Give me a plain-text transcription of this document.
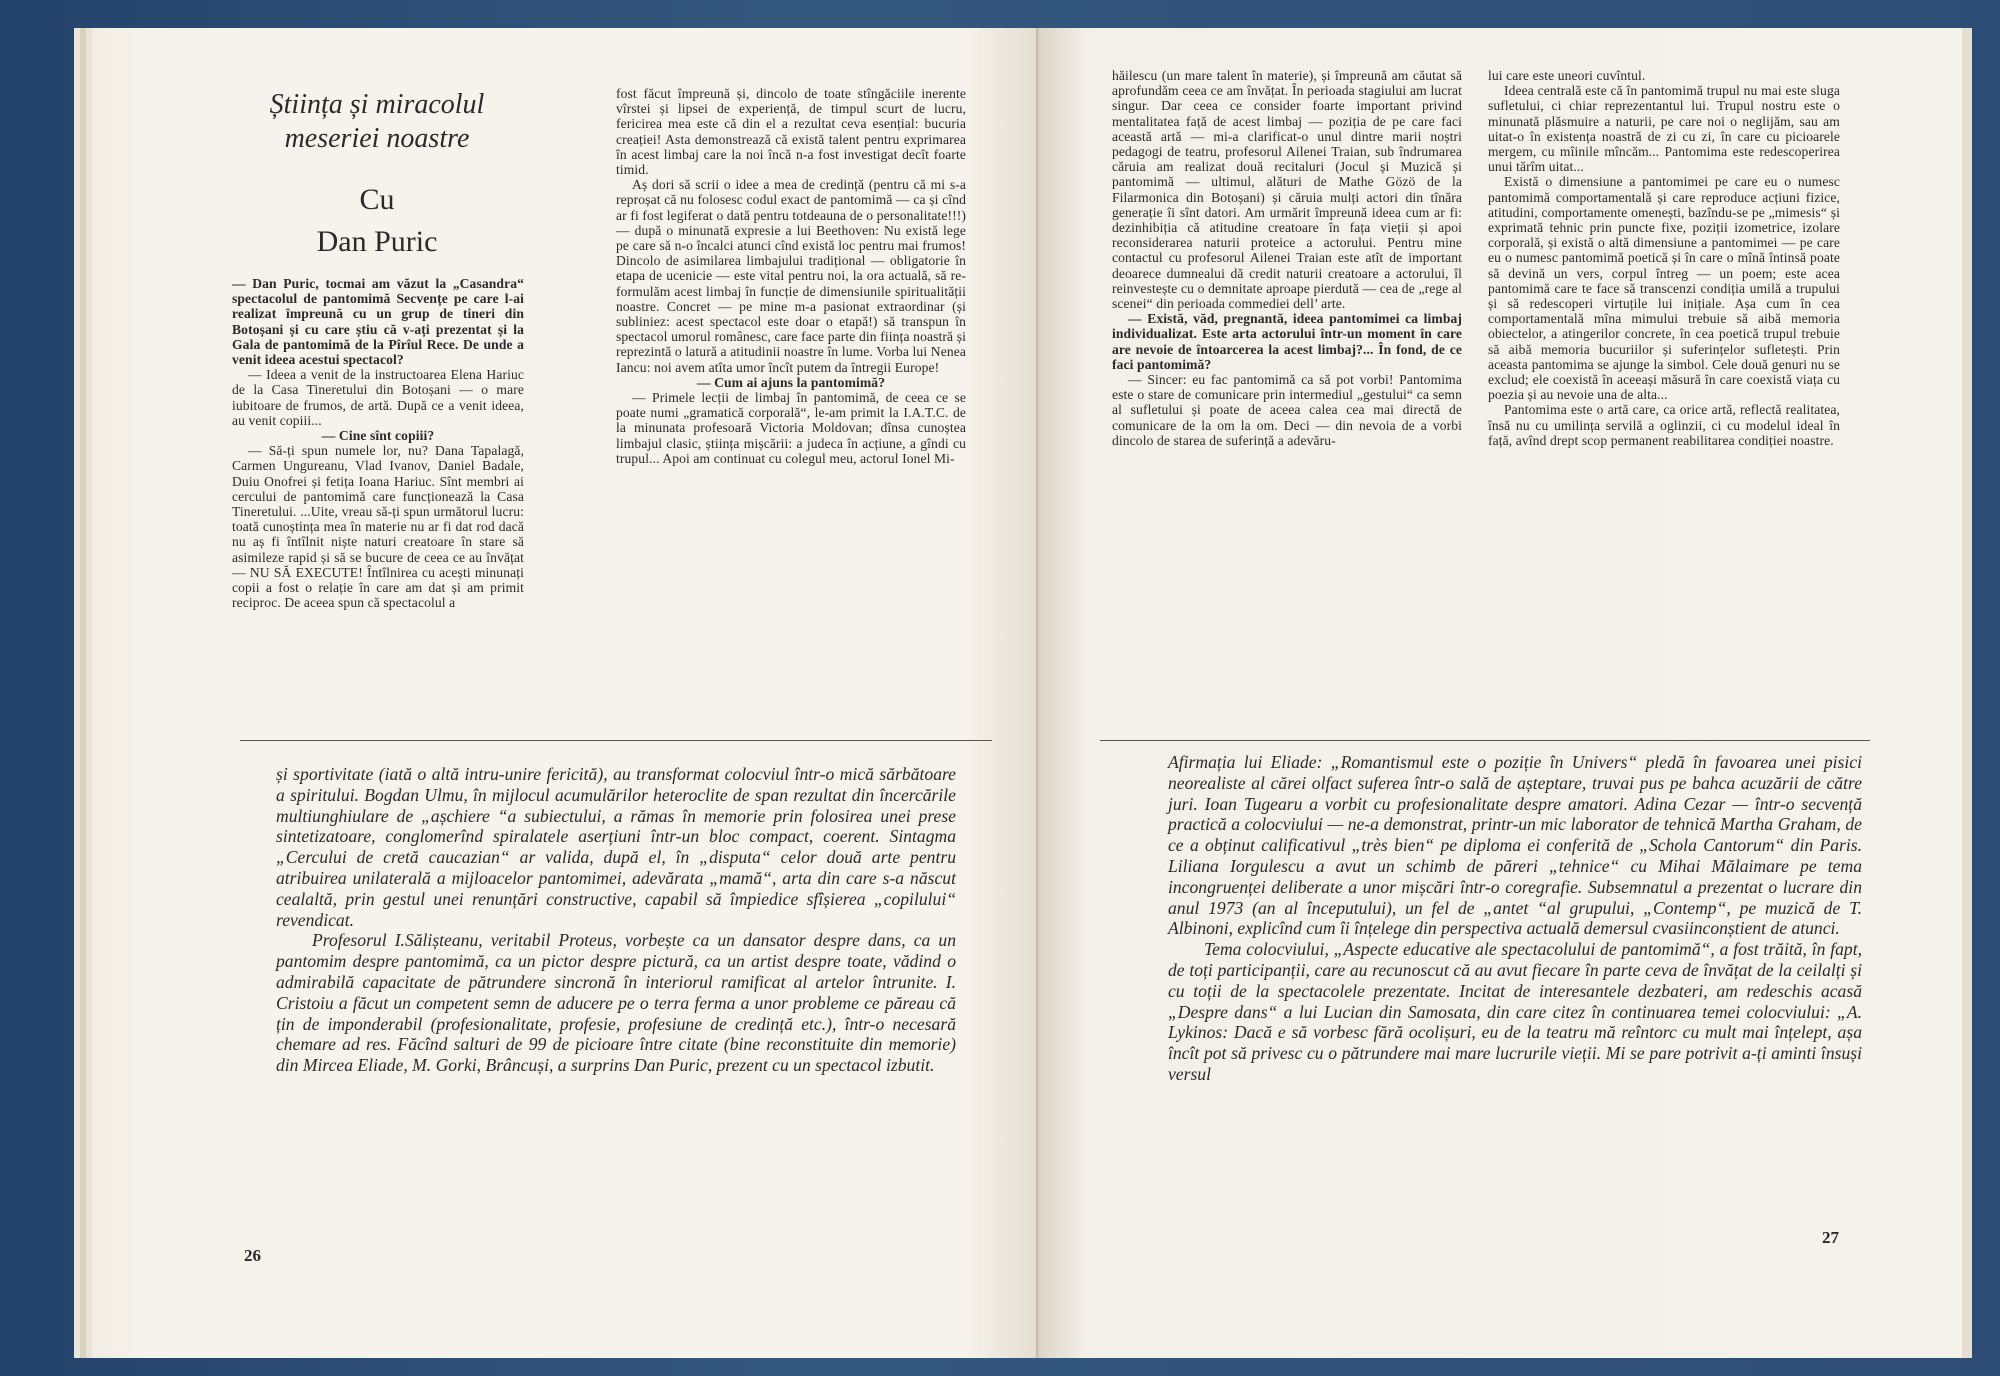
Știința și miracolul meseriei noastre
Cu
Dan Puric

— Dan Puric, tocmai am văzut la „Casandra“ spectacolul de pantomimă Secvențe pe care l-ai realizat împreună cu un grup de tineri din Botoșani și cu care știu că v-ați prezentat și la Gala de pantomimă de la Pîrîul Rece. De unde a venit ideea acestui spectacol?

— Ideea a venit de la instructoarea Elena Hariuc de la Casa Tineretului din Botoșani — o mare iubitoare de frumos, de artă. După ce a venit ideea, au venit copiii...

— Cine sînt copiii?

— Să-ți spun numele lor, nu? Dana Tapalagă, Carmen Ungureanu, Vlad Ivanov, Daniel Badale, Duiu Onofrei și fetița Ioana Hariuc. Sînt membri ai cercului de pantomimă care funcționează la Casa Tineretului. ...Uite, vreau să-ți spun următorul lucru: toată cunoștința mea în materie nu ar fi dat rod dacă nu aș fi întîlnit niște naturi creatoare în stare să asimileze rapid și să se bucure de ceea ce au învățat — NU SĂ EXECUTE! Întîlnirea cu acești minunați copii a fost o relație în care am dat și am primit reciproc. De aceea spun că spectacolul a

fost făcut împreună și, dincolo de toate stîngăciile inerente vîrstei și lipsei de experiență, de timpul scurt de lucru, fericirea mea este că din el a rezultat ceva esențial: bucuria creației! Asta demonstrează că există talent pentru exprimarea în acest limbaj care la noi încă n-a fost investigat decît foarte timid.

Aș dori să scrii o idee a mea de credință (pentru că mi s-a reproșat că nu folosesc codul exact de pantomimă — ca și cînd ar fi fost legiferat o dată pentru totdeauna de o personalitate!!!) — după o minunată expresie a lui Beethoven: Nu există lege pe care să n-o încalci atunci cînd există loc pentru mai frumos! Dincolo de asimilarea limbajului tradițional — obligatorie în etapa de ucenicie — este vital pentru noi, la ora actuală, să re-formulăm acest limbaj în funcție de dimensiunile spiritualității noastre. Concret — pe mine m-a pasionat extraordinar (și subliniez: acest spectacol este doar o etapă!) să transpun în spectacol umorul românesc, care face parte din ființa noastră și reprezintă o latură a atitudinii noastre în lume. Vorba lui Nenea Iancu: noi avem atîta umor încît putem da întregii Europe!

— Cum ai ajuns la pantomimă?

— Primele lecții de limbaj în pantomimă, de ceea ce se poate numi „gramatică corporală“, le-am primit la I.A.T.C. de la minunata profesoară Victoria Moldovan; dînsa cunoștea limbajul clasic, știința mișcării: a judeca în acțiune, a gîndi cu trupul... Apoi am continuat cu colegul meu, actorul Ionel Mi-

și sportivitate (iată o altă intru-unire fericită), au transformat colocviul într-o mică sărbătoare a spiritului. Bogdan Ulmu, în mijlocul acumulărilor heteroclite de span rezultat din încercările multiunghiulare de „așchiere “a subiectului, a rămas în memorie prin folosirea unei prese sintetizatoare, conglomerînd spiralatele aserțiuni într-un bloc compact, coerent. Sintagma „Cercului de cretă caucazian“ ar valida, după el, în „disputa“ celor două arte pentru atribuirea unilaterală a mijloacelor pantomimei, adevărata „mamă“, arta din care s-a născut cealaltă, prin gestul unei renunțări constructive, capabil să împiedice sfîșierea „copilului“ revendicat.

Profesorul I.Sălișteanu, veritabil Proteus, vorbește ca un dansator despre dans, ca un pantomim despre pantomimă, ca un pictor despre pictură, ca un artist despre toate, vădind o admirabilă capacitate de pătrundere sincronă în interiorul ramificat al artelor întrunite. I. Cristoiu a făcut un competent semn de aducere pe o terra ferma a unor probleme ce păreau că țin de imponderabil (profesionalitate, profesie, profesiune de credință etc.), într-o necesară chemare ad res. Făcînd salturi de 99 de picioare între citate (bine reconstituite din memorie) din Mircea Eliade, M. Gorki, Brâncuși, a surprins Dan Puric, prezent cu un spectacol izbutit.

26

hăilescu (un mare talent în materie), și împreună am căutat să aprofundăm ceea ce am învățat. În perioada stagiului am lucrat singur. Dar ceea ce consider foarte important privind mentalitatea față de acest limbaj — poziția de pe care faci această artă — mi-a clarificat-o unul dintre marii noștri pedagogi de teatru, profesorul Ailenei Traian, sub îndrumarea căruia am realizat două recitaluri (Jocul și Muzică și pantomimă — ultimul, alături de Mathe Gözö de la Filarmonica din Botoșani) și căruia mulți actori din tînăra generație îi sînt datori. Am urmărit împreună ideea cum ar fi: dezinhibiția că atitudine creatoare în fața vieții și apoi reconsiderarea naturii proteice a actorului. Pentru mine contactul cu profesorul Ailenei Traian este atît de important deoarece dumnealui dă credit naturii creatoare a actorului, îl reinvestește cu o demnitate aproape pierdută — cea de „rege al scenei“ din perioada commediei dell’ arte.

— Există, văd, pregnantă, ideea pantomimei ca limbaj individualizat. Este arta actorului într-un moment în care are nevoie de întoarcerea la acest limbaj?... În fond, de ce faci pantomimă?

— Sincer: eu fac pantomimă ca să pot vorbi! Pantomima este o stare de comunicare prin intermediul „gestului“ ca semn al sufletului și poate de aceea calea cea mai directă de comunicare de la om la om. Deci — din nevoia de a vorbi dincolo de starea de suferință a adevăru-

lui care este uneori cuvîntul.

Ideea centrală este că în pantomimă trupul nu mai este sluga sufletului, ci chiar reprezentantul lui. Trupul nostru este o minunată plăsmuire a naturii, pe care noi o neglijăm, sau am uitat-o în existența noastră de zi cu zi, în care cu picioarele mergem, cu mîinile mîncăm... Pantomima este redescoperirea unui tărîm uitat...

Există o dimensiune a pantomimei pe care eu o numesc pantomimă comportamentală și care reproduce acțiuni fizice, atitudini, comportamente omenești, bazîndu-se pe „mimesis“ și exprimată tehnic prin puncte fixe, poziții izometrice, izolare corporală, și există o altă dimensiune a pantomimei — pe care eu o numesc pantomimă poetică și în care o mînă întinsă poate să devină un vers, corpul întreg — un poem; este acea pantomimă care te face să transcenzi condiția umilă a trupului și să redescoperi virtuțile lui inițiale. Așa cum în cea comportamentală mîna mimului trebuie să aibă memoria obiectelor, a atingerilor concrete, în cea poetică trupul trebuie să aibă memoria bucuriilor și suferințelor sufletești. Prin aceasta pantomima se ajunge la simbol. Cele două genuri nu se exclud; ele coexistă în aceeași măsură în care coexistă viața cu poezia și au nevoie una de alta...

Pantomima este o artă care, ca orice artă, reflectă realitatea, însă nu cu umilința servilă a oglinzii, ci cu modelul ideal în față, avînd drept scop permanent reabilitarea condiției noastre.

Afirmația lui Eliade: „Romantismul este o poziție în Univers“ pledă în favoarea unei pisici neorealiste al cărei olfact suferea într-o sală de așteptare, truvai pus pe bahca acuzării de către juri. Ioan Tugearu a vorbit cu profesionalitate despre amatori. Adina Cezar — într-o secvență practică a colocviului — ne-a demonstrat, printr-un mic laborator de tehnică Martha Graham, de ce a obținut calificativul „très bien“ pe diploma ei conferită de „Schola Cantorum“ din Paris. Liliana Iorgulescu a avut un schimb de păreri „tehnice“ cu Mihai Mălaimare pe tema incongruenței deliberate a unor mișcări într-o coregrafie. Subsemnatul a prezentat o lucrare din anul 1973 (an al începutului), un fel de „antet “al grupului, „Contemp“, pe muzică de T. Albinoni, explicînd cum îi înțelege din perspectiva actuală demersul cvasiinconștient de atunci.

Tema colocviului, „Aspecte educative ale spectacolului de pantomimă“, a fost trăită, în fapt, de toți participanții, care au recunoscut că au avut fiecare în parte ceva de învățat de la ceilalți și cu toții de la spectacolele prezentate. Incitat de interesantele dezbateri, am redeschis acasă „Despre dans“ a lui Lucian din Samosata, din care citez în continuarea temei colocviului: „A. Lykinos: Dacă e să vorbesc fără ocolișuri, eu de la teatru mă reîntorc cu mult mai înțelept, așa încît pot să privesc cu o pătrundere mai mare lucrurile vieții. Mi se pare potrivit a-ți aminti însuși versul

27
